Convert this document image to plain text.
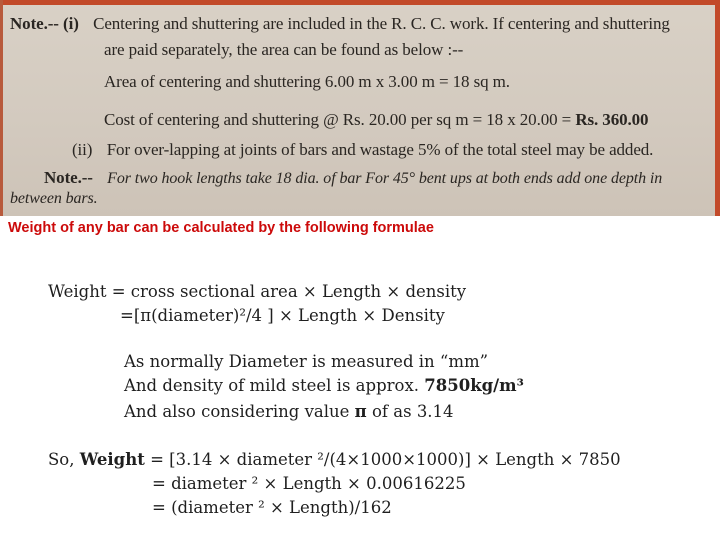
Note.-- (i) Centering and shuttering are included in the R. C. C. work. If centering and shuttering
are paid separately, the area can be found as below :--
Area of centering and shuttering 6.00 m x 3.00 m = 18 sq m.
Cost of centering and shuttering @ Rs. 20.00 per sq m = 18 x 20.00 = Rs. 360.00
(ii) For over-lapping at joints of bars and wastage 5% of the total steel may be added.
Note.-- For two hook lengths take 18 dia. of bar For 45° bent ups at both ends add one depth in
between bars.
Weight of any bar can be calculated by the following formulae
Weight = cross sectional area × Length × density
=[π(diameter)²/4 ] × Length × Density
As normally Diameter is measured in “mm”
And density of mild steel is approx. 7850kg/m³
And also considering value π of as 3.14
So, Weight = [3.14 × diameter ²/(4×1000×1000)] × Length × 7850
= diameter ² × Length × 0.00616225
= (diameter ² × Length)/162
